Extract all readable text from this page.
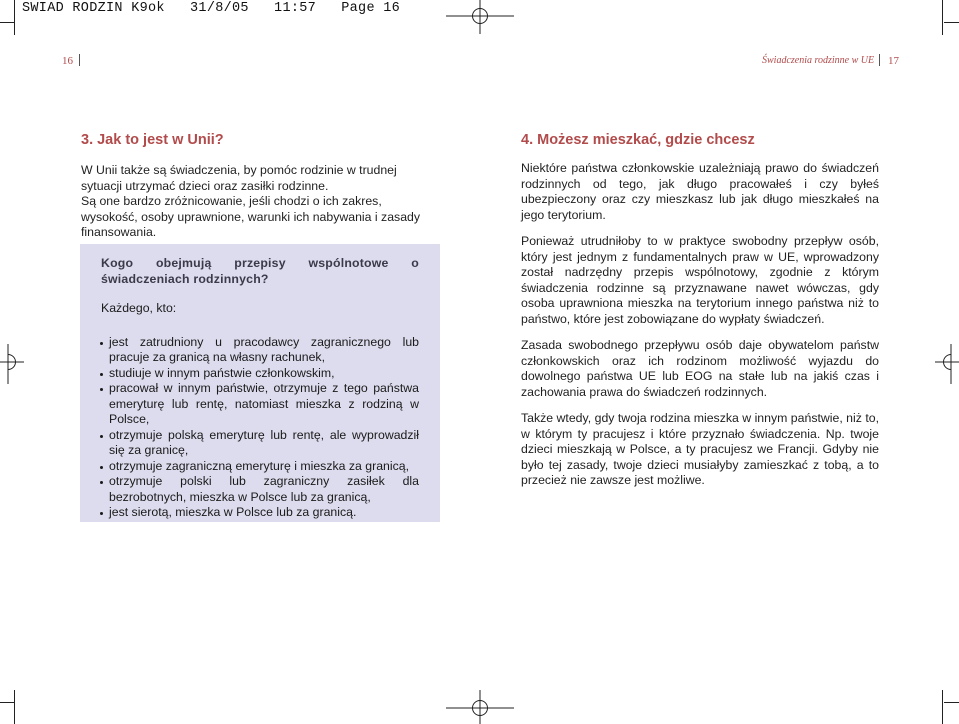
SWIAD RODZIN K9ok   31/8/05   11:57   Page 16
16	Świadczenia rodzinne w UE 17
3. Jak to jest w Unii?

W Unii także są świadczenia, by pomóc rodzinie w trudnej sytuacji utrzymać dzieci oraz zasiłki rodzinne.

Są one bardzo zróżnicowanie, jeśli chodzi o ich zakres, wysokość, osoby uprawnione, warunki ich nabywania i zasady finansowania.

Kogo obejmują przepisy wspólnotowe o świadczeniach rodzinnych?
Każdego, kto:
jest zatrudniony u pracodawcy zagranicznego lub pracuje za granicą na własny rachunek,
studiuje w innym państwie członkowskim,
pracował w innym państwie, otrzymuje z tego państwa emeryturę lub rentę, natomiast mieszka z rodziną w Polsce,
otrzymuje polską emeryturę lub rentę, ale wyprowadził się za granicę,
otrzymuje zagraniczną emeryturę i mieszka za granicą,
otrzymuje polski lub zagraniczny zasiłek dla bezrobotnych, mieszka w Polsce lub za granicą,
jest sierotą, mieszka w Polsce lub za granicą.
4. Możesz mieszkać, gdzie chcesz

Niektóre państwa członkowskie uzależniają prawo do świadczeń rodzinnych od tego, jak długo pracowałeś i czy byłeś ubezpieczony oraz czy mieszkasz lub jak długo mieszkałeś na jego terytorium.

Ponieważ utrudniłoby to w praktyce swobodny przepływ osób, który jest jednym z fundamentalnych praw w UE, wprowadzony został nadrzędny przepis wspólnotowy, zgodnie z którym świadczenia rodzinne są przyznawane nawet wówczas, gdy osoba uprawniona mieszka na terytorium innego państwa niż to państwo, które jest zobowiązane do wypłaty świadczeń.

Zasada swobodnego przepływu osób daje obywatelom państw członkowskich oraz ich rodzinom możliwość wyjazdu do dowolnego państwa UE lub EOG na stałe lub na jakiś czas i zachowania prawa do świadczeń rodzinnych.

Także wtedy, gdy twoja rodzina mieszka w innym państwie, niż to, w którym ty pracujesz i które przyznało świadczenia. Np. twoje dzieci mieszkają w Polsce, a ty pracujesz we Francji. Gdyby nie było tej zasady, twoje dzieci musiałyby zamieszkać z tobą, a to przecież nie zawsze jest możliwe.
